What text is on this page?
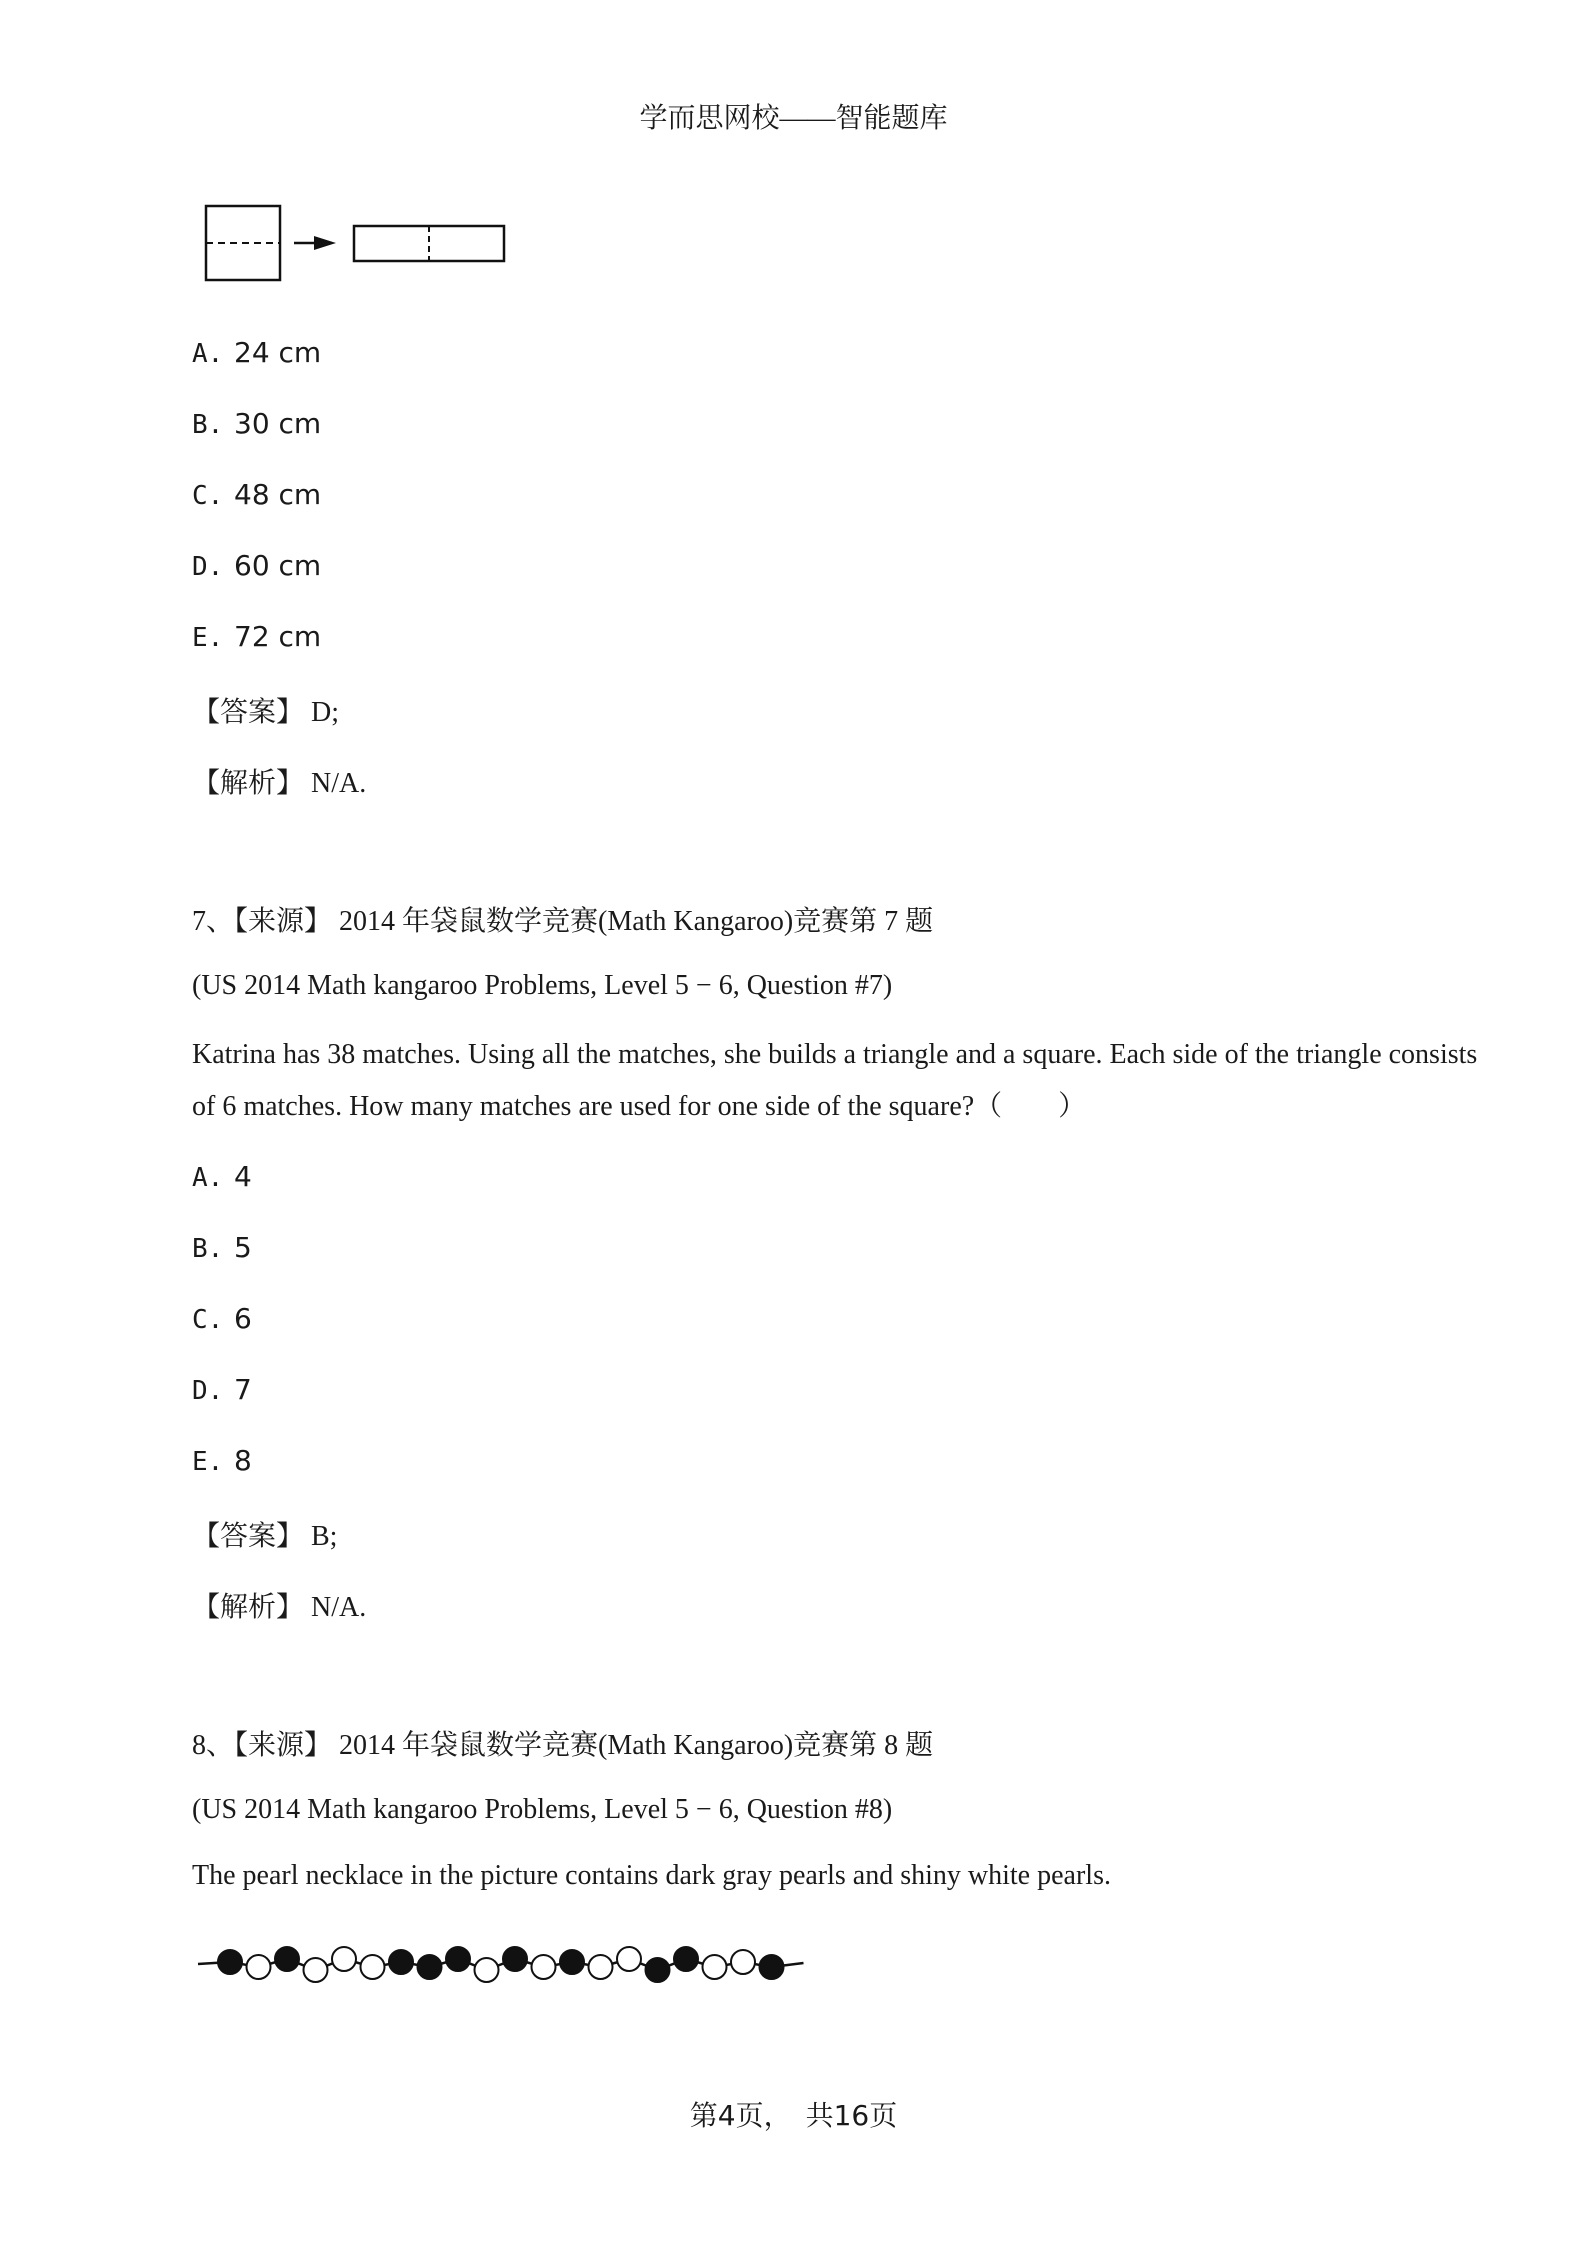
学而思网校——智能题库
A. 24 cm
B. 30 cm
C. 48 cm
D. 60 cm
E. 72 cm
【答案】 D;
【解析】 N/A.
7、【来源】 2014 年袋鼠数学竞赛(Math Kangaroo)竞赛第 7 题
(US 2014 Math kangaroo Problems, Level 5 − 6, Question #7)
Katrina has 38 matches. Using all the matches, she builds a triangle and a square. Each side of the triangle consists of 6 matches. How many matches are used for one side of the square?（　　）
A. 4
B. 5
C. 6
D. 7
E. 8
【答案】 B;
【解析】 N/A.
8、【来源】 2014 年袋鼠数学竞赛(Math Kangaroo)竞赛第 8 题
(US 2014 Math kangaroo Problems, Level 5 − 6, Question #8)
The pearl necklace in the picture contains dark gray pearls and shiny white pearls.
第4页，　共16页
